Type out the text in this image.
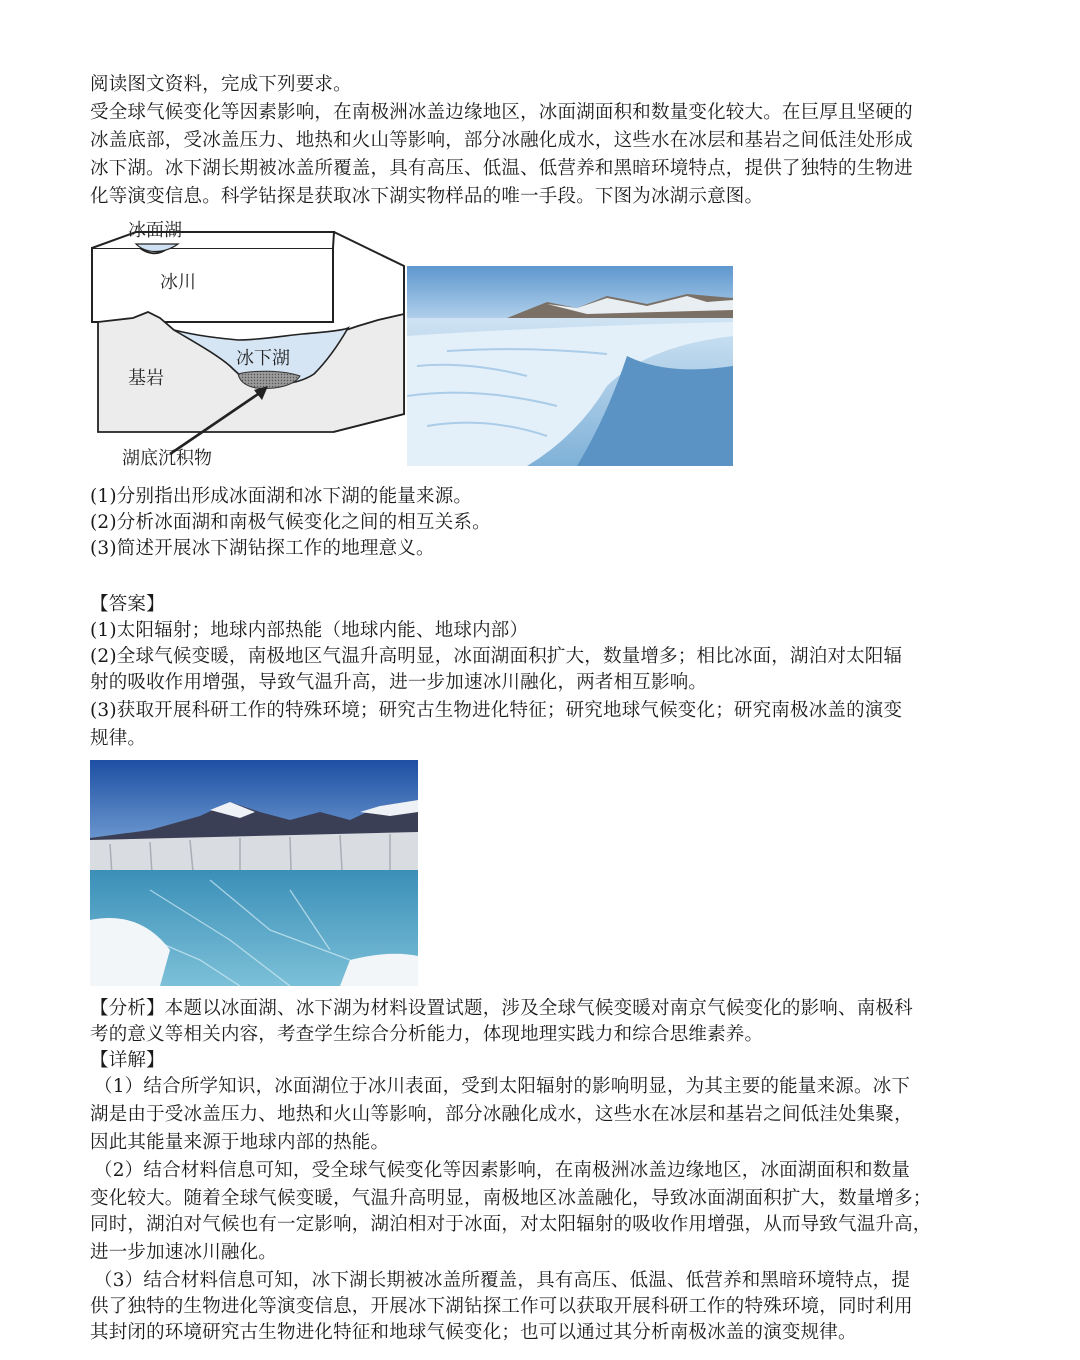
阅读图文资料，完成下列要求。
受全球气候变化等因素影响，在南极洲冰盖边缘地区，冰面湖面积和数量变化较大。在巨厚且坚硬的
冰盖底部，受冰盖压力、地热和火山等影响，部分冰融化成水，这些水在冰层和基岩之间低洼处形成
冰下湖。冰下湖长期被冰盖所覆盖，具有高压、低温、低营养和黑暗环境特点，提供了独特的生物进
化等演变信息。科学钻探是获取冰下湖实物样品的唯一手段。下图为冰湖示意图。
冰面湖
冰川
冰下湖
基岩
湖底沉积物
(1)分别指出形成冰面湖和冰下湖的能量来源。
(2)分析冰面湖和南极气候变化之间的相互关系。
(3)简述开展冰下湖钻探工作的地理意义。
【答案】
(1)太阳辐射；地球内部热能（地球内能、地球内部）
(2)全球气候变暖，南极地区气温升高明显，冰面湖面积扩大，数量增多；相比冰面，湖泊对太阳辐
射的吸收作用增强，导致气温升高，进一步加速冰川融化，两者相互影响。
(3)获取开展科研工作的特殊环境；研究古生物进化特征；研究地球气候变化；研究南极冰盖的演变
规律。
【分析】本题以冰面湖、冰下湖为材料设置试题，涉及全球气候变暖对南京气候变化的影响、南极科
考的意义等相关内容，考查学生综合分析能力，体现地理实践力和综合思维素养。
【详解】
（1）结合所学知识，冰面湖位于冰川表面，受到太阳辐射的影响明显，为其主要的能量来源。冰下
湖是由于受冰盖压力、地热和火山等影响，部分冰融化成水，这些水在冰层和基岩之间低洼处集聚，
因此其能量来源于地球内部的热能。
（2）结合材料信息可知，受全球气候变化等因素影响，在南极洲冰盖边缘地区，冰面湖面积和数量
变化较大。随着全球气候变暖，气温升高明显，南极地区冰盖融化，导致冰面湖面积扩大，数量增多；
同时，湖泊对气候也有一定影响，湖泊相对于冰面，对太阳辐射的吸收作用增强，从而导致气温升高，
进一步加速冰川融化。
（3）结合材料信息可知，冰下湖长期被冰盖所覆盖，具有高压、低温、低营养和黑暗环境特点，提
供了独特的生物进化等演变信息，开展冰下湖钻探工作可以获取开展科研工作的特殊环境，同时利用
其封闭的环境研究古生物进化特征和地球气候变化；也可以通过其分析南极冰盖的演变规律。
